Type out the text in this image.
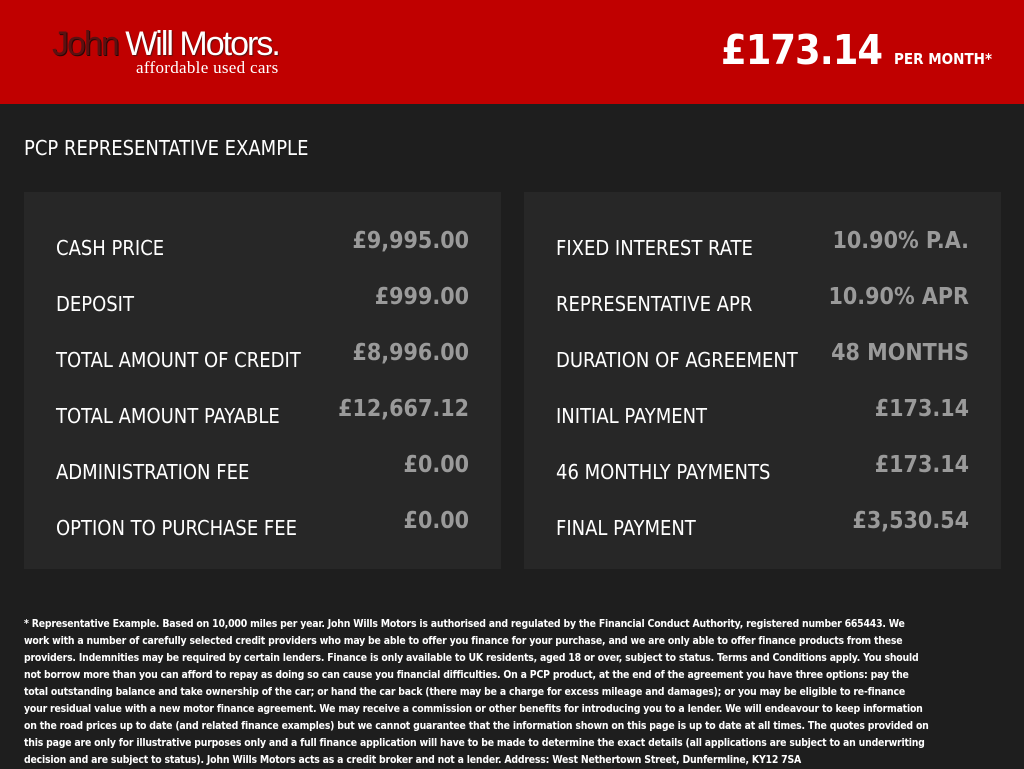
John Will Motors.
affordable used cars	£173.14 PER MONTH*
PCP REPRESENTATIVE EXAMPLE
CASH PRICE	£9,995.00
DEPOSIT	£999.00
TOTAL AMOUNT OF CREDIT £8,996.00
TOTAL AMOUNT PAYABLE	£12,667.12
ADMINISTRATION FEE	£0.00
OPTION TO PURCHASE FEE	£0.00
FIXED INTEREST RATE	10.90% P.A.
REPRESENTATIVE APR	10.90% APR
DURATION OF AGREEMENT 48 MONTHS
INITIAL PAYMENT	£173.14
46 MONTHLY PAYMENTS	£173.14
FINAL PAYMENT	£3,530.54
* Representative Example. Based on 10,000 miles per year. John Wills Motors is authorised and regulated by the Financial Conduct Authority, registered number 665443. We work with a number of carefully selected credit providers who may be able to offer you finance for your purchase, and we are only able to offer finance products from these providers. Indemnities may be required by certain lenders. Finance is only available to UK residents, aged 18 or over, subject to status. Terms and Conditions apply. You should not borrow more than you can afford to repay as doing so can cause you financial difficulties. On a PCP product, at the end of the agreement you have three options: pay the total outstanding balance and take ownership of the car; or hand the car back (there may be a charge for excess mileage and damages); or you may be eligible to re-finance your residual value with a new motor finance agreement. We may receive a commission or other benefits for introducing you to a lender. We will endeavour to keep information on the road prices up to date (and related finance examples) but we cannot guarantee that the information shown on this page is up to date at all times. The quotes provided on this page are only for illustrative purposes only and a full finance application will have to be made to determine the exact details (all applications are subject to an underwriting decision and are subject to status). John Wills Motors acts as a credit broker and not a lender. Address: West Nethertown Street, Dunfermline, KY12 7SA
